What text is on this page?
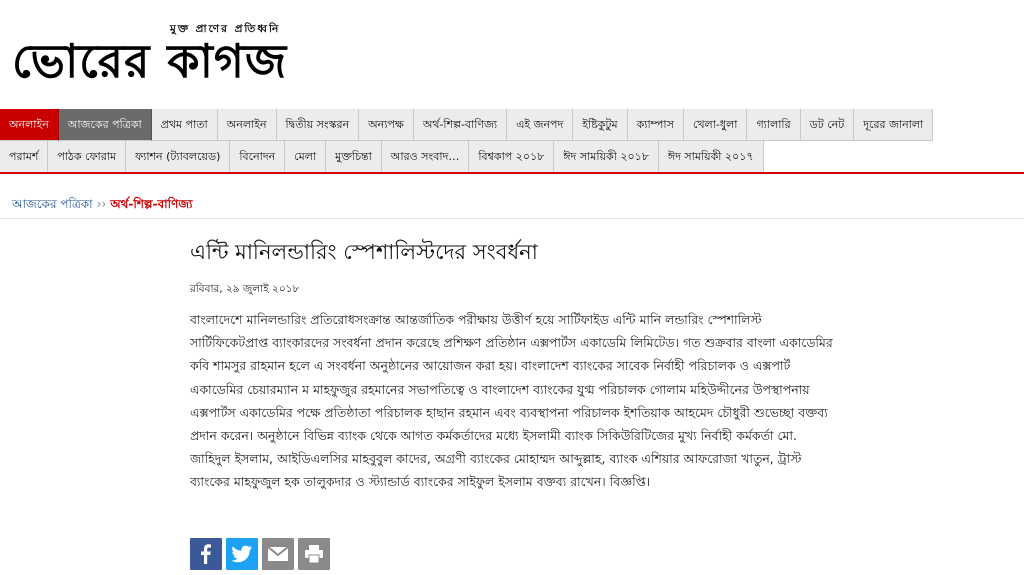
মুক্ত প্রাণের প্রতিধ্বনি
ভোরের কাগজ
অনলাইন	আজকের পত্রিকা	প্রথম পাতা	অনলাইন	দ্বিতীয় সংস্করন	অন্যপক্ষ	অর্থ-শিল্প-বাণিজ্য	এই জনপদ	ইষ্টিকুটুম	ক্যাম্পাস	খেলা-ধুলা	গ্যালারি	ডট নেট	দূরের জানালা
পরামর্শ	পাঠক ফোরাম	ফ্যাশন (ট্যাবলয়েড)	বিনোদন	মেলা	মুক্তচিন্তা	আরও সংবাদ…	বিশ্বকাপ ২০১৮	ঈদ সাময়িকী ২০১৮	ঈদ সাময়িকী ২০১৭
আজকের পত্রিকা ›› অর্থ-শিল্প-বাণিজ্য
এন্টি মানিলন্ডারিং স্পেশালিস্টদের সংবর্ধনা
রবিবার, ২৯ জুলাই ২০১৮

বাংলাদেশে মানিলন্ডারিং প্রতিরোধসংক্রান্ত আন্তর্জাতিক পরীক্ষায় উত্তীর্ণ হয়ে সার্টিফাইড এন্টি মানি লন্ডারিং স্পেশালিস্ট সার্টিফিকেটপ্রাপ্ত ব্যাংকারদের সংবর্ধনা প্রদান করেছে প্রশিক্ষণ প্রতিষ্ঠান এক্সপার্টস একাডেমি লিমিটেড। গত শুক্রবার বাংলা একাডেমির কবি শামসুর রাহমান হলে এ সংবর্ধনা অনুষ্ঠানের আয়োজন করা হয়। বাংলাদেশ ব্যাংকের সাবেক নির্বাহী পরিচালক ও এক্সপার্ট একাডেমির চেয়ারম্যান ম মাহফুজুর রহমানের সভাপতিত্বে ও বাংলাদেশ ব্যাংকের যুগ্ম পরিচালক গোলাম মহিউদ্দীনের উপস্থাপনায় এক্সপার্টস একাডেমির পক্ষে প্রতিষ্ঠাতা পরিচালক হাছান রহমান এবং ব্যবস্থাপনা পরিচালক ইশতিয়াক আহমেদ চৌধুরী শুভেচ্ছা বক্তব্য প্রদান করেন। অনুষ্ঠানে বিভিন্ন ব্যাংক থেকে আগত কর্মকর্তাদের মধ্যে ইসলামী ব্যাংক সিকিউরিটিজের মুখ্য নির্বাহী কর্মকর্তা মো. জাহিদুল ইসলাম, আইডিএলসির মাহবুবুল কাদের, অগ্রণী ব্যাংকের মোহাম্মদ আব্দুল্লাহ, ব্যাংক এশিয়ার আফরোজা খাতুন, ট্রাস্ট ব্যাংকের মাহফুজুল হক তালুকদার ও স্ট্যান্ডার্ড ব্যাংকের সাইফুল ইসলাম বক্তব্য রাখেন। বিজ্ঞপ্তি।
